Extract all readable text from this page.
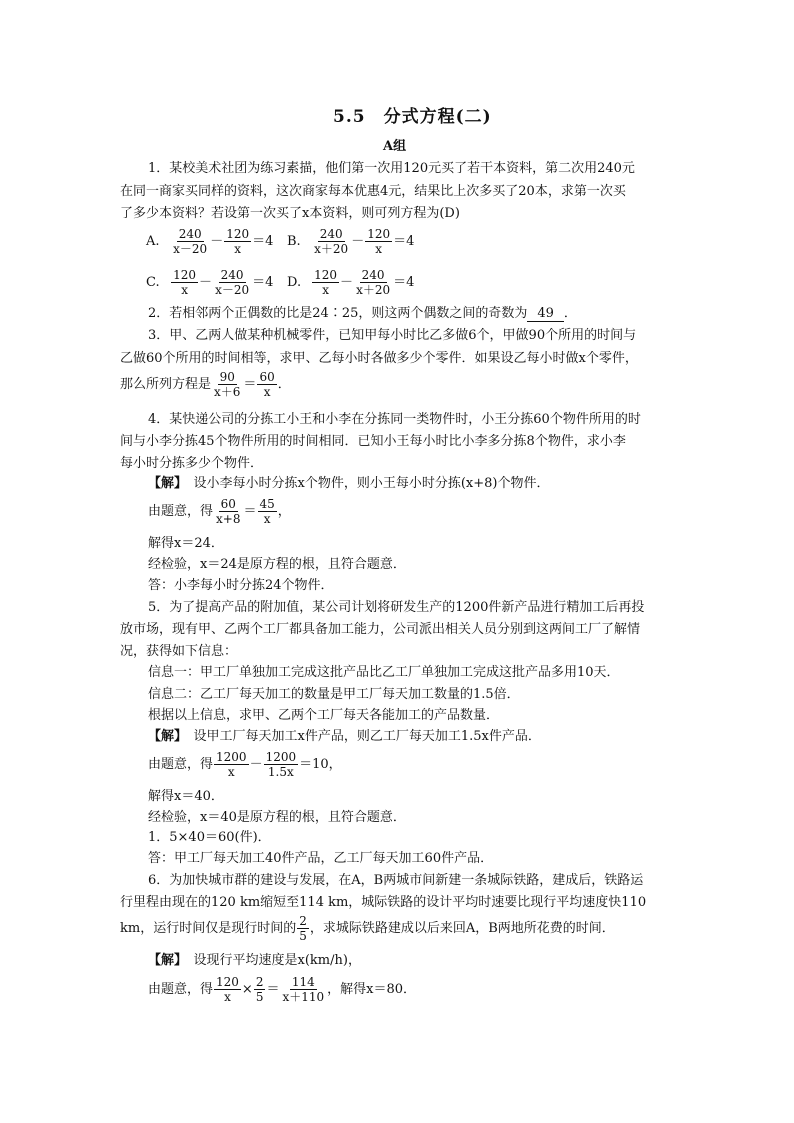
5.5　分式方程(二)
A组
1．某校美术社团为练习素描，他们第一次用120元买了若干本资料，第二次用240元
在同一商家买同样的资料，这次商家每本优惠4元，结果比上次多买了20本，求第一次买
了多少本资料？若设第一次买了x本资料，则可列方程为(D)
A. $\frac{240}{x-20} - \frac{120}{x} =4$ B. $\frac{240}{x+20} - \frac{120}{x} =4$
C. $\frac{120}{x} - \frac{240}{x-20} =4$ D. $\frac{120}{x} - \frac{240}{x+20} =4$
2．若相邻两个正偶数的比是24∶25，则这两个偶数之间的奇数为 49 ．
3．甲、乙两人做某种机械零件，已知甲每小时比乙多做6个，甲做90个所用的时间与
乙做60个所用的时间相等，求甲、乙每小时各做多少个零件．如果设乙每小时做x个零件，
那么所列方程是 $\frac{90}{x+6} = \frac{60}{x}$ ．
4．某快递公司的分拣工小王和小李在分拣同一类物件时，小王分拣60个物件所用的时
间与小李分拣45个物件所用的时间相同．已知小王每小时比小李多分拣8个物件，求小李
每小时分拣多少个物件．
【解】　 设小李每小时分拣x个物件，则小王每小时分拣(x+8)个物件．
由题意，得 $\frac{60}{x+8} = \frac{45}{x}$ ，
解得x＝24．
经检验，x＝24是原方程的根，且符合题意．
答：小李每小时分拣24个物件．
5．为了提高产品的附加值，某公司计划将研发生产的1200件新产品进行精加工后再投
放市场，现有甲、乙两个工厂都具备加工能力，公司派出相关人员分别到这两间工厂了解情
况，获得如下信息：
信息一：甲工厂单独加工完成这批产品比乙工厂单独加工完成这批产品多用10天．
信息二：乙工厂每天加工的数量是甲工厂每天加工数量的1.5倍．
根据以上信息，求甲、乙两个工厂每天各能加工的产品数量．
【解】　 设甲工厂每天加工x件产品，则乙工厂每天加工1.5x件产品．
由题意，得 $\frac{1200}{x} - \frac{1200}{1.5x} =10$，
解得x＝40．
经检验，x＝40是原方程的根，且符合题意．
1．5×40＝60(件)．
答：甲工厂每天加工40件产品，乙工厂每天加工60件产品．
6．为加快城市群的建设与发展，在A，B两城市间新建一条城际铁路，建成后，铁路运
行里程由现在的120 km缩短至114 km，城际铁路的设计平均时速要比现行平均速度快110
km，运行时间仅是现行时间的 $\frac{2}{5}$ ，求城际铁路建成以后来回A，B两地所花费的时间．
【解】　 设现行平均速度是x(km/h)，
由题意，得 $\frac{120}{x} \times \frac{2}{5} = \frac{114}{x+110}$ ，解得x＝80．
